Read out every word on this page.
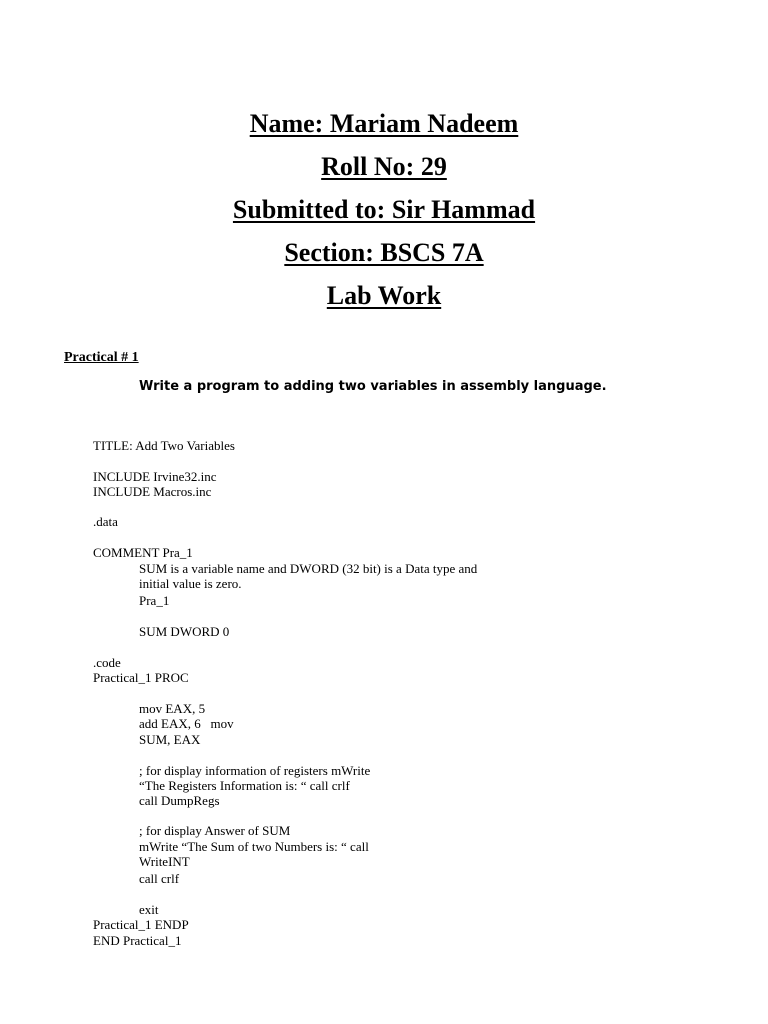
Name: Mariam Nadeem
Roll No: 29
Submitted to: Sir Hammad
Section: BSCS 7A
Lab Work
Practical # 1
Write a program to adding two variables in assembly language.
TITLE: Add Two Variables
INCLUDE Irvine32.inc
INCLUDE Macros.inc
.data
COMMENT Pra_1
SUM is a variable name and DWORD (32 bit) is a Data type and
initial value is zero.
Pra_1
SUM DWORD 0
.code
Practical_1 PROC
mov EAX, 5
add EAX, 6   mov
SUM, EAX
; for display information of registers mWrite
“The Registers Information is: “ call crlf
call DumpRegs
; for display Answer of SUM
mWrite “The Sum of two Numbers is: “ call
WriteINT
call crlf
exit
Practical_1 ENDP
END Practical_1
